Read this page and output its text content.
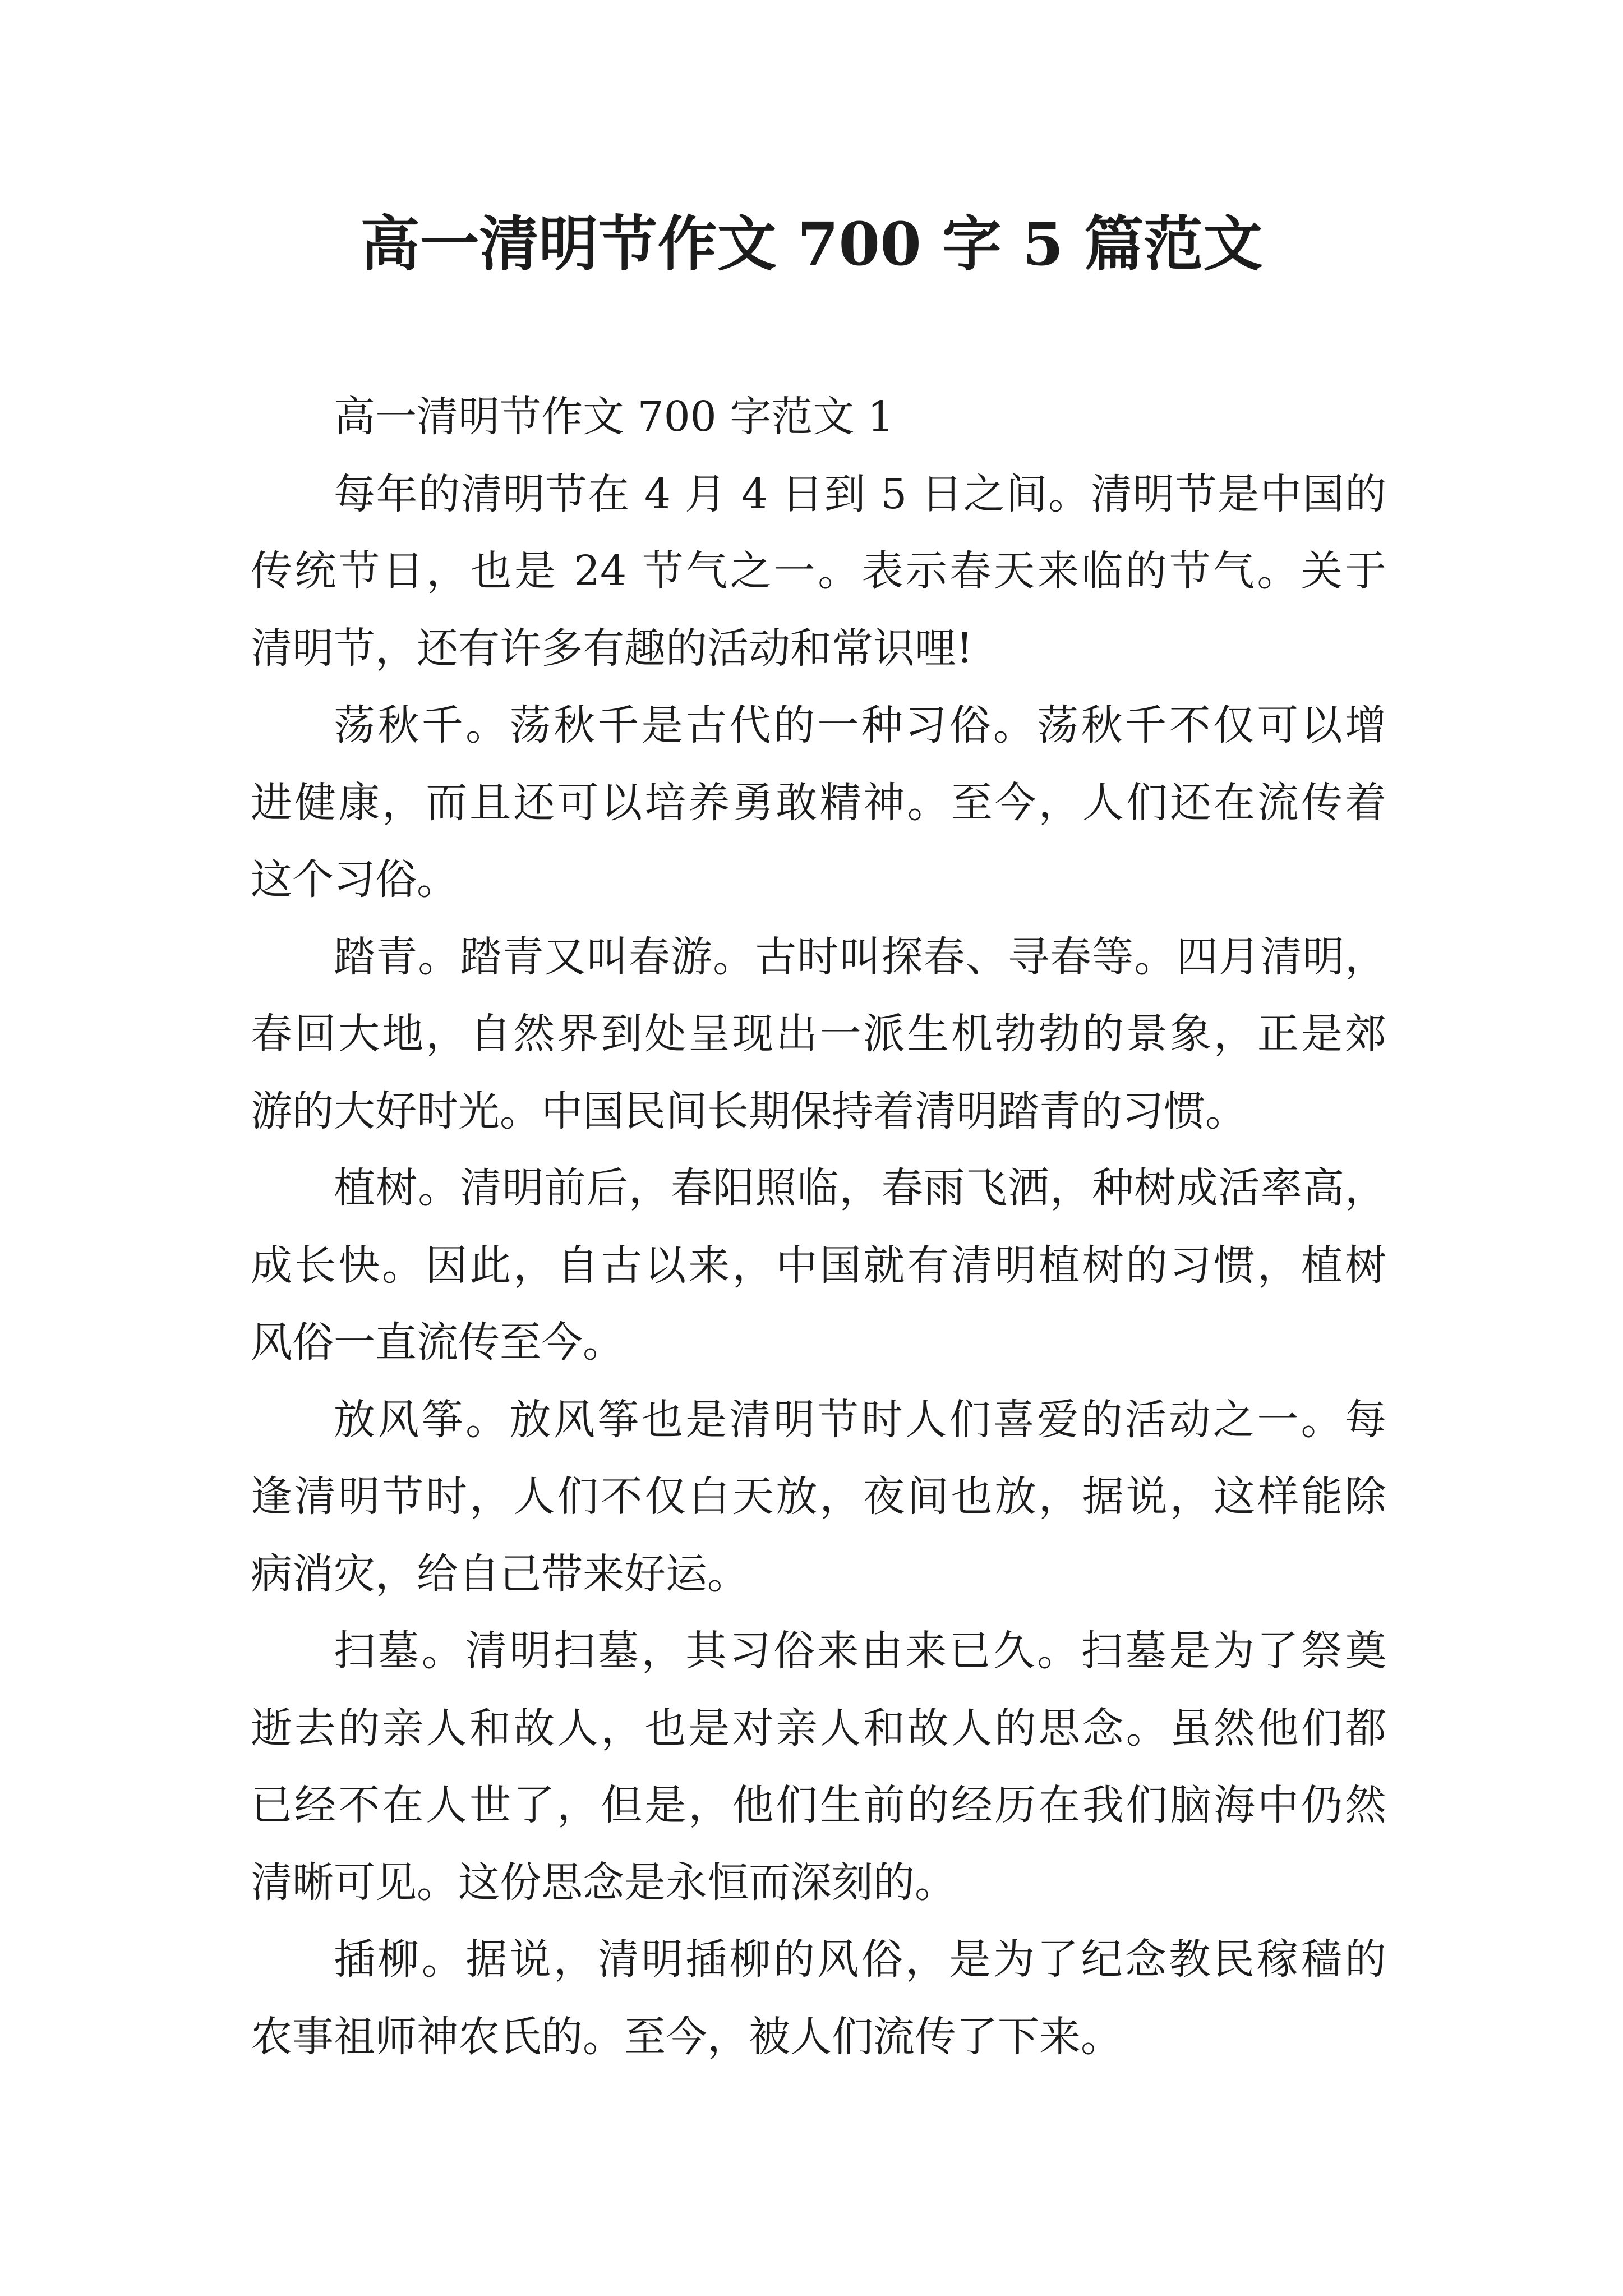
高一清明节作文 700 字 5 篇范文
高一清明节作文 700 字范文 1
每年的清明节在 4 月 4 日到 5 日之间。清明节是中国的
传统节日，也是 24 节气之一。表示春天来临的节气。关于
清明节，还有许多有趣的活动和常识哩!
荡秋千。荡秋千是古代的一种习俗。荡秋千不仅可以增
进健康，而且还可以培养勇敢精神。至今，人们还在流传着
这个习俗。
踏青。踏青又叫春游。古时叫探春、寻春等。四月清明，
春回大地，自然界到处呈现出一派生机勃勃的景象，正是郊
游的大好时光。中国民间长期保持着清明踏青的习惯。
植树。清明前后，春阳照临，春雨飞洒，种树成活率高，
成长快。因此，自古以来，中国就有清明植树的习惯，植树
风俗一直流传至今。
放风筝。放风筝也是清明节时人们喜爱的活动之一。每
逢清明节时，人们不仅白天放，夜间也放，据说，这样能除
病消灾，给自己带来好运。
扫墓。清明扫墓，其习俗来由来已久。扫墓是为了祭奠
逝去的亲人和故人，也是对亲人和故人的思念。虽然他们都
已经不在人世了，但是，他们生前的经历在我们脑海中仍然
清晰可见。这份思念是永恒而深刻的。
插柳。据说，清明插柳的风俗，是为了纪念教民稼穑的
农事祖师神农氏的。至今，被人们流传了下来。
